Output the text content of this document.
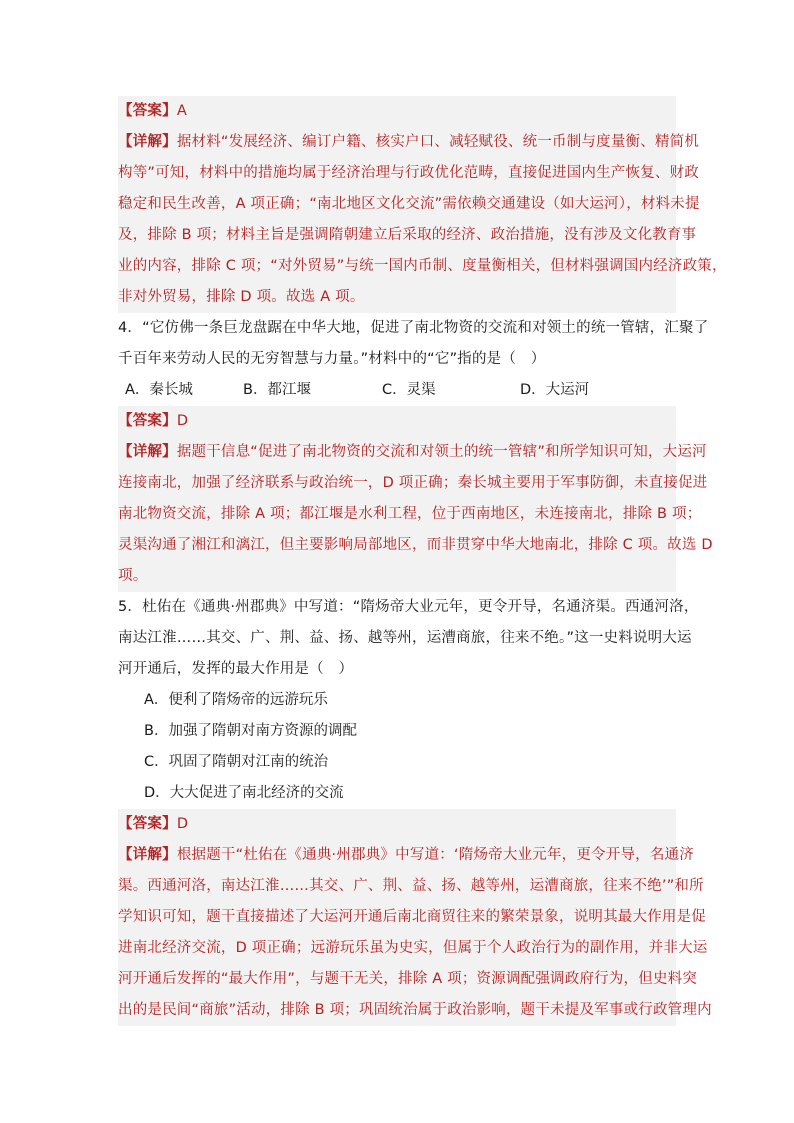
【答案】A
【详解】据材料“发展经济、编订户籍、核实户口、减轻赋役、统一币制与度量衡、精简机
构等”可知，材料中的措施均属于经济治理与行政优化范畴，直接促进国内生产恢复、财政
稳定和民生改善，A 项正确；“南北地区文化交流”需依赖交通建设（如大运河），材料未提
及，排除 B 项；材料主旨是强调隋朝建立后采取的经济、政治措施，没有涉及文化教育事
业的内容，排除 C 项；“对外贸易”与统一国内币制、度量衡相关，但材料强调国内经济政策，
非对外贸易，排除 D 项。故选 A 项。
4．“它仿佛一条巨龙盘踞在中华大地，促进了南北物资的交流和对领土的统一管辖，汇聚了
千百年来劳动人民的无穷智慧与力量。”材料中的“它”指的是（　）
A．秦长城	B．都江堰	C．灵渠	D．大运河
【答案】D
【详解】据题干信息“促进了南北物资的交流和对领土的统一管辖”和所学知识可知，大运河
连接南北，加强了经济联系与政治统一，D 项正确；秦长城主要用于军事防御，未直接促进
南北物资交流，排除 A 项；都江堰是水利工程，位于西南地区，未连接南北，排除 B 项；
灵渠沟通了湘江和漓江，但主要影响局部地区，而非贯穿中华大地南北，排除 C 项。故选 D
项。
5．杜佑在《通典·州郡典》中写道：“隋炀帝大业元年，更令开导，名通济渠。西通河洛，
南达江淮……其交、广、荆、益、扬、越等州，运漕商旅，往来不绝。”这一史料说明大运
河开通后，发挥的最大作用是（　）
A．便利了隋炀帝的远游玩乐
B．加强了隋朝对南方资源的调配
C．巩固了隋朝对江南的统治
D．大大促进了南北经济的交流
【答案】D
【详解】根据题干“杜佑在《通典·州郡典》中写道：‘隋炀帝大业元年，更令开导，名通济
渠。西通河洛，南达江淮……其交、广、荆、益、扬、越等州，运漕商旅，往来不绝’”和所
学知识可知，题干直接描述了大运河开通后南北商贸往来的繁荣景象，说明其最大作用是促
进南北经济交流，D 项正确；远游玩乐虽为史实，但属于个人政治行为的副作用，并非大运
河开通后发挥的“最大作用”，与题干无关，排除 A 项；资源调配强调政府行为，但史料突
出的是民间“商旅”活动，排除 B 项；巩固统治属于政治影响，题干未提及军事或行政管理内
